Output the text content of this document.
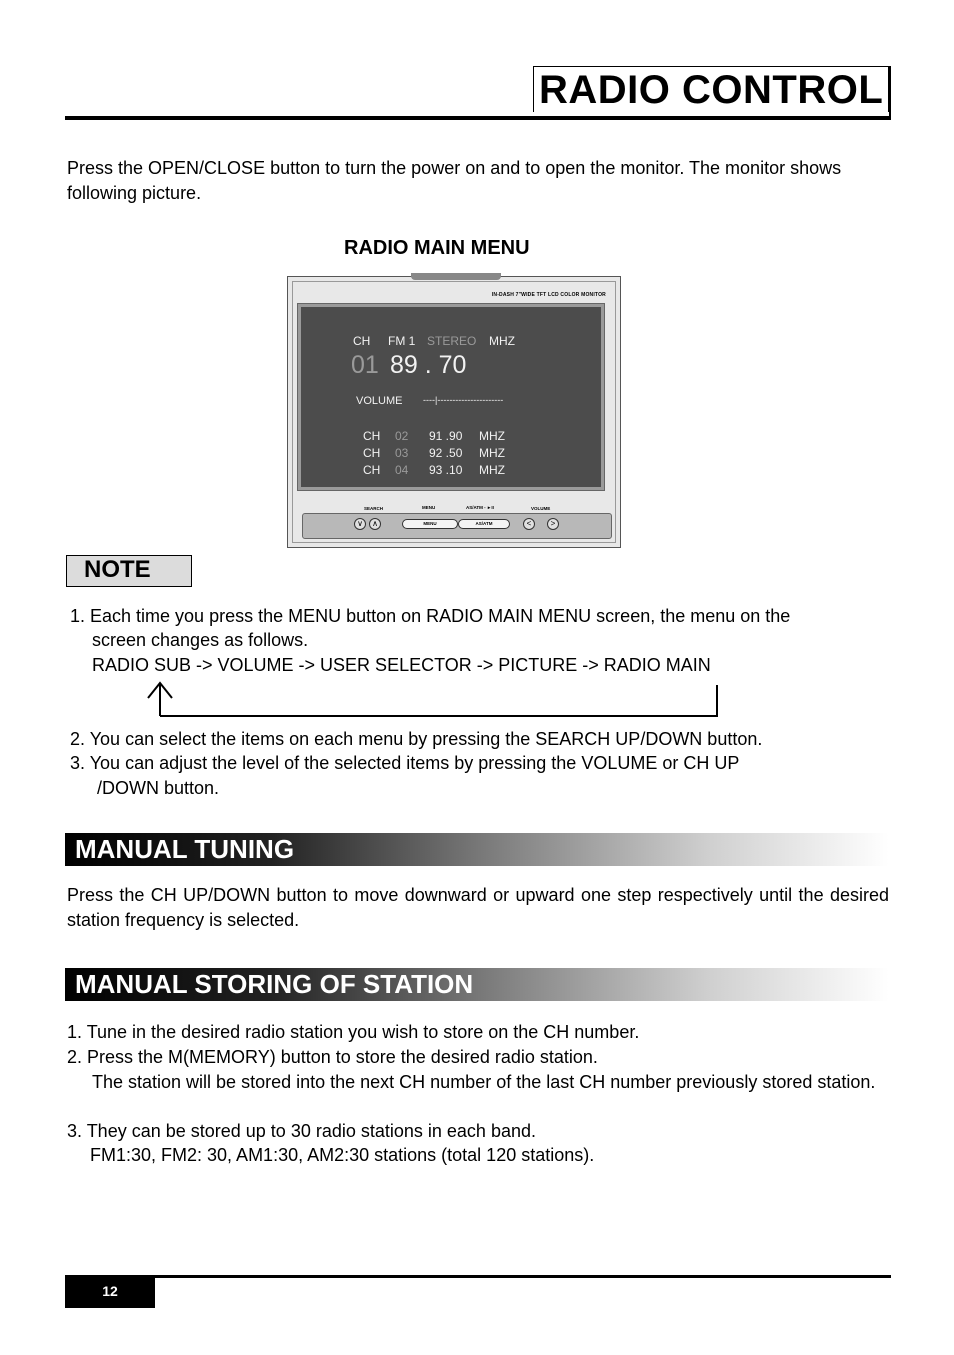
RADIO CONTROL
Press the OPEN/CLOSE button to turn the power on and to open the monitor. The monitor shows following picture.
RADIO MAIN MENU
IN-DASH 7"WIDE TFT LCD COLOR MONITOR
CH FM 1 STEREO MHZ
01 89 . 70
VOLUME ----|----------------------
CH 02 91 .90 MHZ
CH 03 92 .50 MHZ
CH 04 93 .10 MHZ
SEARCH	MENU	AS/ATM - ►II	VOLUME
∨	∧	MENU	AS/ATM	<	>
NOTE
1. Each time you press the MENU button on RADIO MAIN MENU screen, the menu on the
screen changes as follows.
RADIO SUB -> VOLUME -> USER SELECTOR -> PICTURE -> RADIO MAIN
2. You can select the items on each menu by pressing the SEARCH UP/DOWN button.
3. You can adjust the level of the selected items by pressing the VOLUME or CH UP
/DOWN button.
MANUAL TUNING
Press the CH UP/DOWN button to move downward or upward one step respectively until the desired station frequency is selected.
MANUAL STORING OF STATION
1. Tune in the desired radio station you wish to store on the CH number.
2. Press the M(MEMORY) button to store the desired radio station.
The station will be stored into the next CH number of the last CH number previously stored station.
3. They can be stored up to 30 radio stations in each band.
FM1:30, FM2: 30, AM1:30, AM2:30 stations (total 120 stations).
12
